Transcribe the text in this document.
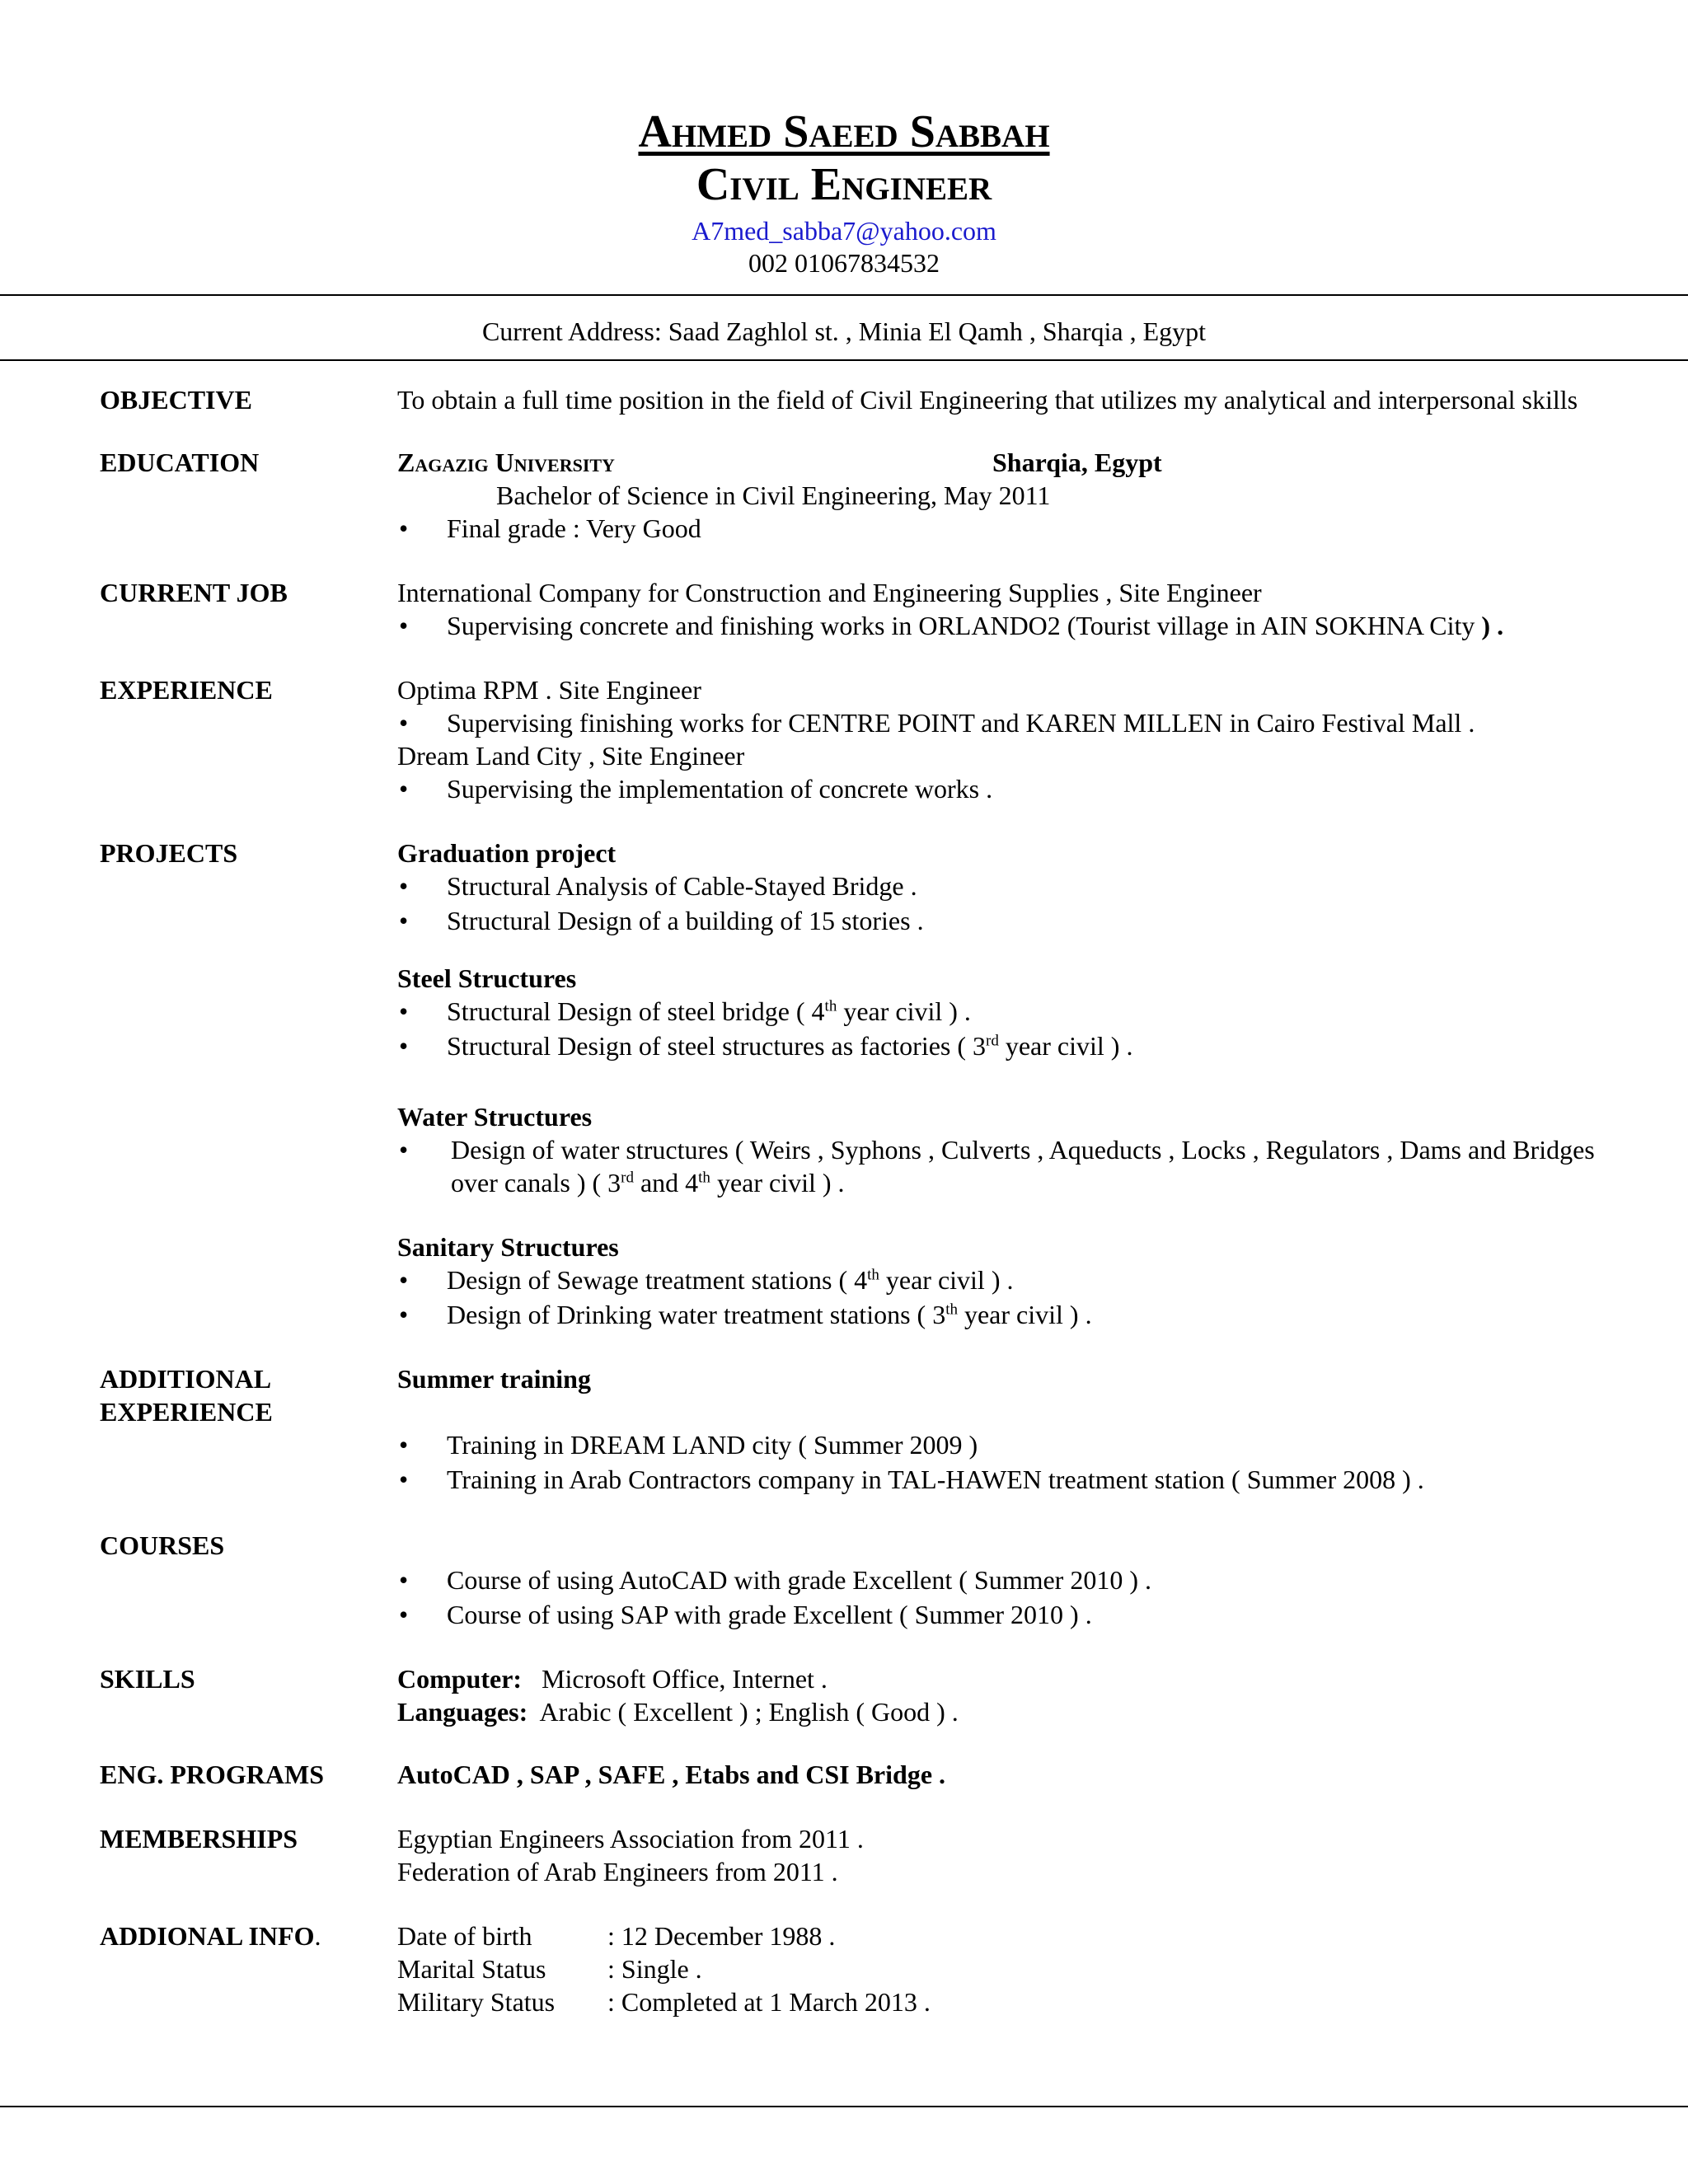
Ahmed Saeed Sabbah
Civil Engineer
A7med_sabba7@yahoo.com
002 01067834532
Current Address: Saad Zaghlol st. , Minia El Qamh , Sharqia , Egypt
OBJECTIVE	To obtain a full time position in the field of Civil Engineering that utilizes my analytical and interpersonal skills
EDUCATION	Zagazig University	Sharqia, Egypt
Bachelor of Science in Civil Engineering, May 2011
• Final grade : Very Good
CURRENT JOB	International Company for Construction and Engineering Supplies , Site Engineer
• Supervising concrete and finishing works in ORLANDO2 (Tourist village in AIN SOKHNA City ) .
EXPERIENCE	Optima RPM . Site Engineer
• Supervising finishing works for CENTRE POINT and KAREN MILLEN in Cairo Festival Mall .
Dream Land City , Site Engineer
• Supervising the implementation of concrete works .
PROJECTS	Graduation project
• Structural Analysis of Cable-Stayed Bridge .
• Structural Design of a building of 15 stories .
Steel Structures
• Structural Design of steel bridge ( 4th year civil ) .
• Structural Design of steel structures as factories ( 3rd year civil ) .
Water Structures
• Design of water structures ( Weirs , Syphons , Culverts , Aqueducts , Locks , Regulators , Dams and Bridges over canals ) ( 3rd and 4th year civil ) .
Sanitary Structures
• Design of Sewage treatment stations ( 4th year civil ) .
• Design of Drinking water treatment stations ( 3th year civil ) .
ADDITIONAL
EXPERIENCE
Summer training
• Training in DREAM LAND city ( Summer 2009 )
• Training in Arab Contractors company in TAL-HAWEN treatment station ( Summer 2008 ) .
COURSES
• Course of using AutoCAD with grade Excellent ( Summer 2010 ) .
• Course of using SAP with grade Excellent ( Summer 2010 ) .
SKILLS	Computer:   Microsoft Office, Internet .
Languages:  Arabic ( Excellent ) ; English ( Good ) .
ENG. PROGRAMS	AutoCAD , SAP , SAFE , Etabs and CSI Bridge .
MEMBERSHIPS	Egyptian Engineers Association from 2011 .
Federation of Arab Engineers from 2011 .
ADDIONAL INFO.	Date of birth	: 12 December 1988 .
Marital Status	: Single .
Military Status	: Completed at 1 March 2013 .
